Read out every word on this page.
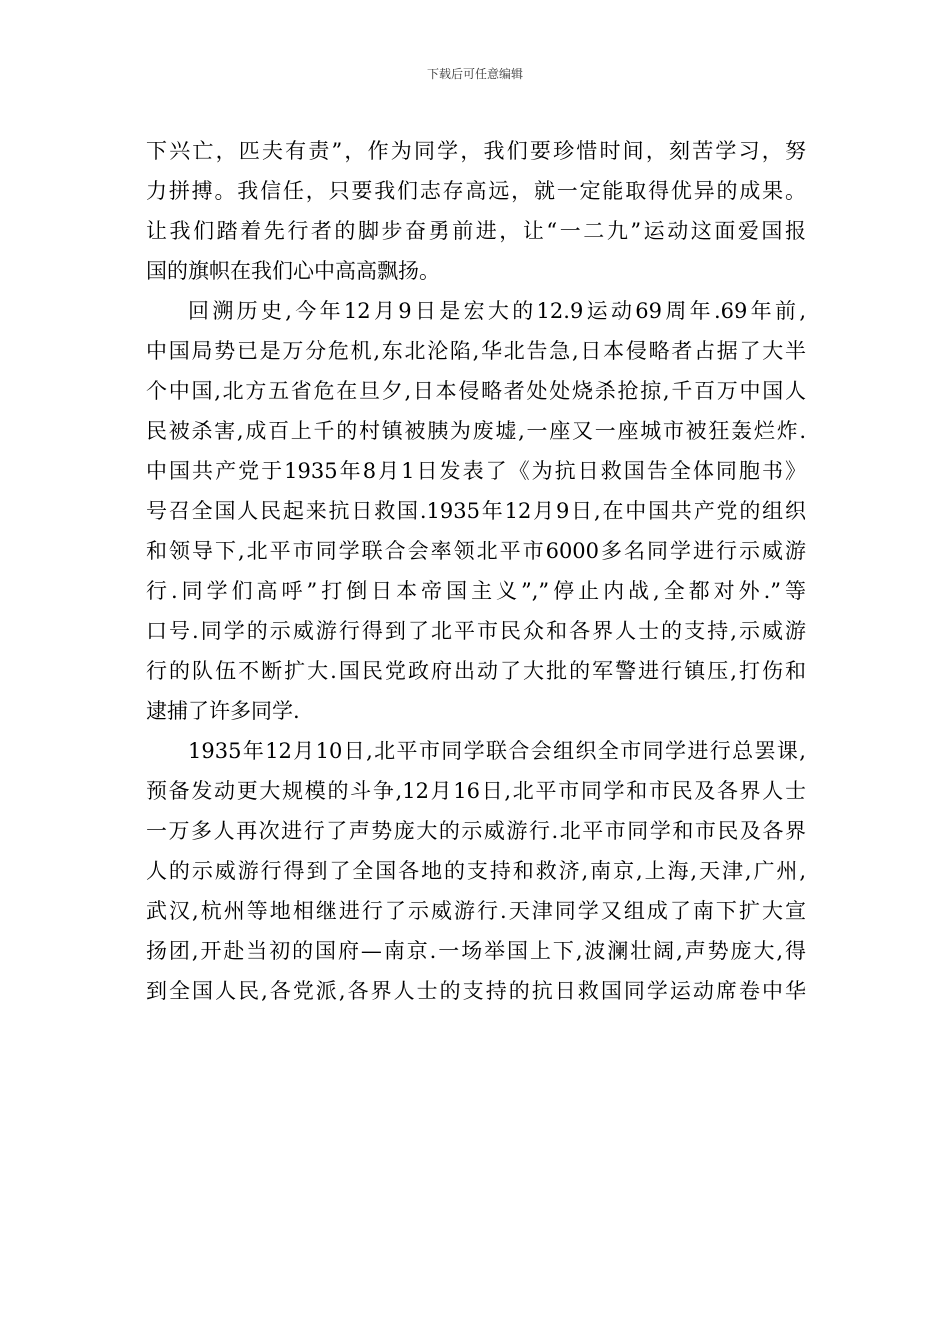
下载后可任意编辑
下兴亡，匹夫有责”，作为同学，我们要珍惜时间，刻苦学习，努
力拼搏。我信任，只要我们志存高远，就一定能取得优异的成果。
让我们踏着先行者的脚步奋勇前进，让“一二九”运动这面爱国报
国的旗帜在我们心中高高飘扬。
回溯历史,今年12月9日是宏大的12.9运动69周年.69年前,
中国局势已是万分危机,东北沦陷,华北告急,日本侵略者占据了大半
个中国,北方五省危在旦夕,日本侵略者处处烧杀抢掠,千百万中国人
民被杀害,成百上千的村镇被胰为废墟,一座又一座城市被狂轰烂炸.
中国共产党于1935年8月1日发表了《为抗日救国告全体同胞书》
号召全国人民起来抗日救国.1935年12月9日,在中国共产党的组织
和领导下,北平市同学联合会率领北平市6000多名同学进行示威游
行.同学们高呼”打倒日本帝国主义”,”停止内战,全都对外.”等
口号.同学的示威游行得到了北平市民众和各界人士的支持,示威游
行的队伍不断扩大.国民党政府出动了大批的军警进行镇压,打伤和
逮捕了许多同学.
1935年12月10日,北平市同学联合会组织全市同学进行总罢课,
预备发动更大规模的斗争,12月16日,北平市同学和市民及各界人士
一万多人再次进行了声势庞大的示威游行.北平市同学和市民及各界
人的示威游行得到了全国各地的支持和救济,南京,上海,天津,广州,
武汉,杭州等地相继进行了示威游行.天津同学又组成了南下扩大宣
扬团,开赴当初的国府—南京.一场举国上下,波澜壮阔,声势庞大,得
到全国人民,各党派,各界人士的支持的抗日救国同学运动席卷中华
